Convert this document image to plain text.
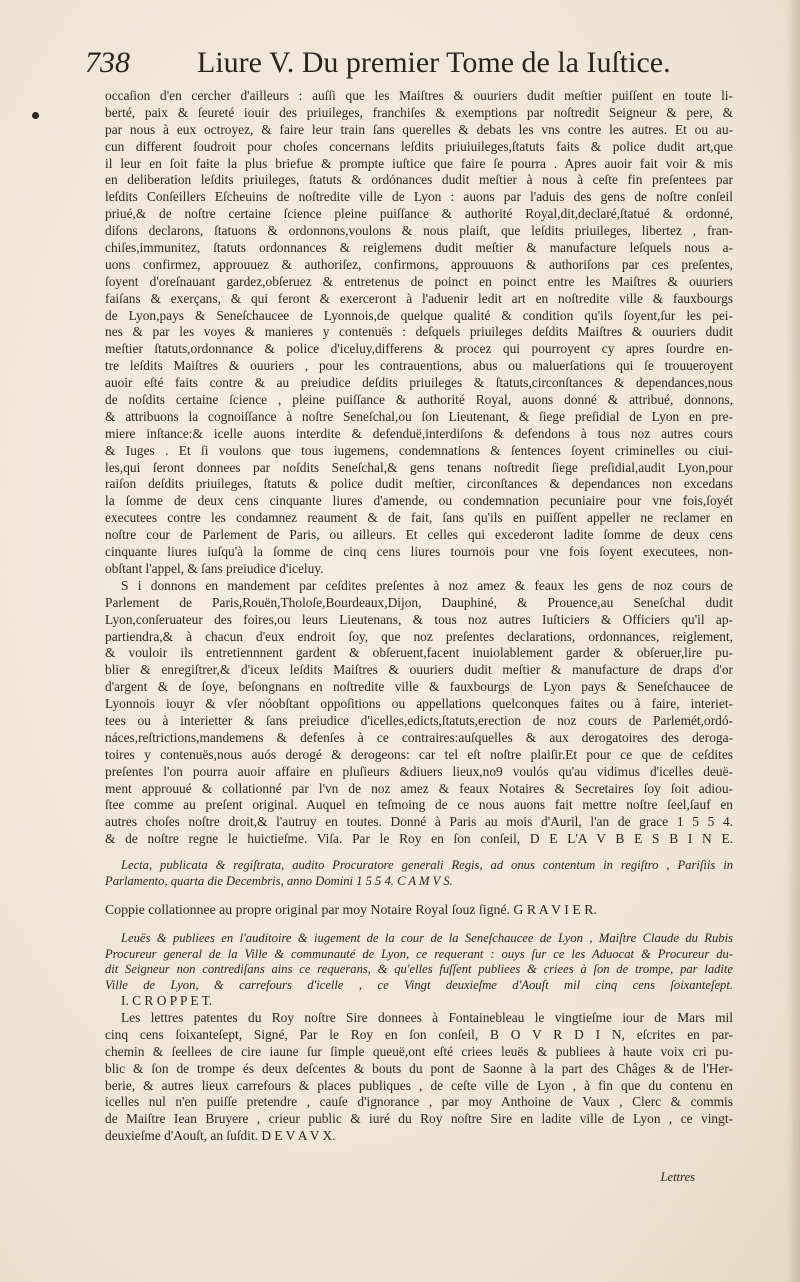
738 Liure V. Du premier Tome de la Iuſtice.
occaſion d'en cercher d'ailleurs : auſſi que les Maiſtres & ouuriers dudit meſtier puiſſent en toute li-
berté, paix & ſeureté iouir des priuileges, franchiſes & exemptions par noſtredit Seigneur & pere, &
par nous à eux octroyez, & faire leur train ſans querelles & debats les vns contre les autres. Et ou au-
cun different ſoudroit pour choſes concernans leſdits priuiuileges,ſtatuts faits & police dudit art,que
il leur en ſoit faite la plus briefue & prompte iuſtice que faire ſe pourra . Apres auoir fait voir & mis
en deliberation leſdits priuileges, ſtatuts & ordónances dudit meſtier à nous à ceſte fin preſentees par
leſdits Conſeillers Eſcheuins de noſtredite ville de Lyon : auons par l'aduis des gens de noſtre conſeil
priué,& de noſtre certaine ſcience pleine puiſſance & authorité Royal,dit,declaré,ſtatué & ordonné,
diſons declarons, ſtatuons & ordonnons,voulons & nous plaiſt, que leſdits priuileges, libertez , fran-
chiſes,immunitez, ſtatuts ordonnances & reiglemens dudit meſtier & manufacture leſquels nous a-
uons confirmez, approuuez & authoriſez, confirmons, approuuons & authoriſons par ces preſentes,
ſoyent d'oreſnauant gardez,obſeruez & entretenus de poinct en poinct entre les Maiſtres & ouuriers
faiſans & exerçans, & qui feront & exerceront à l'aduenir ledit art en noſtredite ville & fauxbourgs
de Lyon,pays & Seneſchaucee de Lyonnois,de quelque qualité & condition qu'ils ſoyent,ſur les pei-
nes & par les voyes & manieres y contenuës : deſquels priuileges deſdits Maiſtres & ouuriers dudit
meſtier ſtatuts,ordonnance & police d'iceluy,differens & procez qui pourroyent cy apres ſourdre en-
tre leſdits Maiſtres & ouuriers , pour les contrauentions, abus ou maluerſations qui ſe trouueroyent
auoir eſté faits contre & au preiudice deſdits priuileges & ſtatuts,circonſtances & dependances,nous
de noſdits certaine ſcience , pleine puiſſance & authorité Royal, auons donné & attribué, donnons,
& attribuons la cognoiſſance à noſtre Seneſchal,ou ſon Lieutenant, & ſiege preſidial de Lyon en pre-
miere inſtance:& icelle auons interdite & defenduë,interdiſons & defendons à tous noz autres cours
& Iuges . Et ſi voulons que tous iugemens, condemnations & ſentences ſoyent criminelles ou ciui-
les,qui ſeront donnees par noſdits Seneſchal,& gens tenans noſtredit ſiege preſidial,audit Lyon,pour
raiſon deſdits priuileges, ſtatuts & police dudit meſtier, circonſtances & dependances non excedans
la ſomme de deux cens cinquante liures d'amende, ou condemnation pecuniaire pour vne fois,ſoyét
executees contre les condamnez reaument & de fait, ſans qu'ils en puiſſent appeller ne reclamer en
noſtre cour de Parlement de Paris, ou ailleurs. Et celles qui excederont ladite ſomme de deux cens
cinquante liures iuſqu'à la ſomme de cinq cens liures tournois pour vne fois ſoyent executees, non-
obſtant l'appel, & ſans preiudice d'iceluy.
S i donnons en mandement par ceſdites preſentes à noz amez & feaux les gens de noz cours de
Parlement de Paris,Rouën,Tholoſe,Bourdeaux,Dijon, Dauphiné, & Prouence,au Seneſchal dudit
Lyon,conſeruateur des foires,ou leurs Lieutenans, & tous noz autres Iuſticiers & Officiers qu'il ap-
partiendra,& à chacun d'eux endroit ſoy, que noz preſentes declarations, ordonnances, reiglement,
& vouloir ils entretiennnent gardent & obſeruent,facent inuiolablement garder & obſeruer,lire pu-
blier & enregiſtrer,& d'iceux leſdits Maiſtres & ouuriers dudit meſtier & manufacture de draps d'or
d'argent & de ſoye, beſongnans en noſtredite ville & fauxbourgs de Lyon pays & Seneſchaucee de
Lyonnois iouyr & vſer nóobſtant oppoſitions ou appellations quelconques faites ou à faire, interiet-
tees ou à interietter & ſans preiudice d'icelles,edicts,ſtatuts,erection de noz cours de Parlemét,ordó-
náces,reſtrictions,mandemens & defenſes à ce contraires:auſquelles & aux derogatoires des deroga-
toires y contenuës,nous auós derogé & derogeons: car tel eſt noſtre plaiſir.Et pour ce que de ceſdites
preſentes l'on pourra auoir affaire en pluſieurs &diuers lieux,no9 voulós qu'au vidimus d'icelles deuë-
ment approuué & collationné par l'vn de noz amez & feaux Notaires & Secretaires ſoy ſoit adiou-
ſtee comme au preſent original. Auquel en teſmoing de ce nous auons fait mettre noſtre ſeel,ſauf en
autres choſes noſtre droit,& l'autruy en toutes. Donné à Paris au mois d'Auril, l'an de grace 1 5 5 4.
& de noſtre regne le huictieſme. Viſa. Par le Roy en ſon conſeil, D E L'A V B E S B I N E.
Lecta, publicata & regiſtrata, audito Procuratore generali Regis, ad onus contentum in regiſtro , Pariſiis in
Parlamento, quarta die Decembris, anno Domini 1 5 5 4. C A M V S.
Coppie collationnee au propre original par moy Notaire Royal ſouz ſigné. G R A V I E R.
Leuës & publiees en l'auditoire & iugement de la cour de la Seneſchaucee de Lyon , Maiſtre Claude du Rubis
Procureur general de la Ville & communauté de Lyon, ce requerant : ouys ſur ce les Aduocat & Procureur du-
dit Seigneur non contrediſans ains ce requerans, & qu'elles fuſſent publiees & criees à ſon de trompe, par ladite
Ville de Lyon, & carrefours d'icelle , ce Vingt deuxieſme d'Aouſt mil cinq cens ſoixanteſept.
I. C R O P P E T.
Les lettres patentes du Roy noſtre Sire donnees à Fontainebleau le vingtieſme iour de Mars mil
cinq cens ſoixanteſept, Signé, Par le Roy en ſon conſeil, B O V R D I N, eſcrites en par-
chemin & ſeellees de cire iaune ſur ſimple queuë,ont eſté criees leuës & publiees à haute voix cri pu-
blic & ſon de trompe és deux deſcentes & bouts du pont de Saonne à la part des Châges & de l'Her-
berie, & autres lieux carrefours & places publiques , de ceſte ville de Lyon , à fin que du contenu en
icelles nul n'en puiſſe pretendre , cauſe d'ignorance , par moy Anthoine de Vaux , Clerc & commis
de Maiſtre Iean Bruyere , crieur public & iuré du Roy noſtre Sire en ladite ville de Lyon , ce vingt-
deuxieſme d'Aouſt, an ſuſdit. D E V A V X.
Lettres
